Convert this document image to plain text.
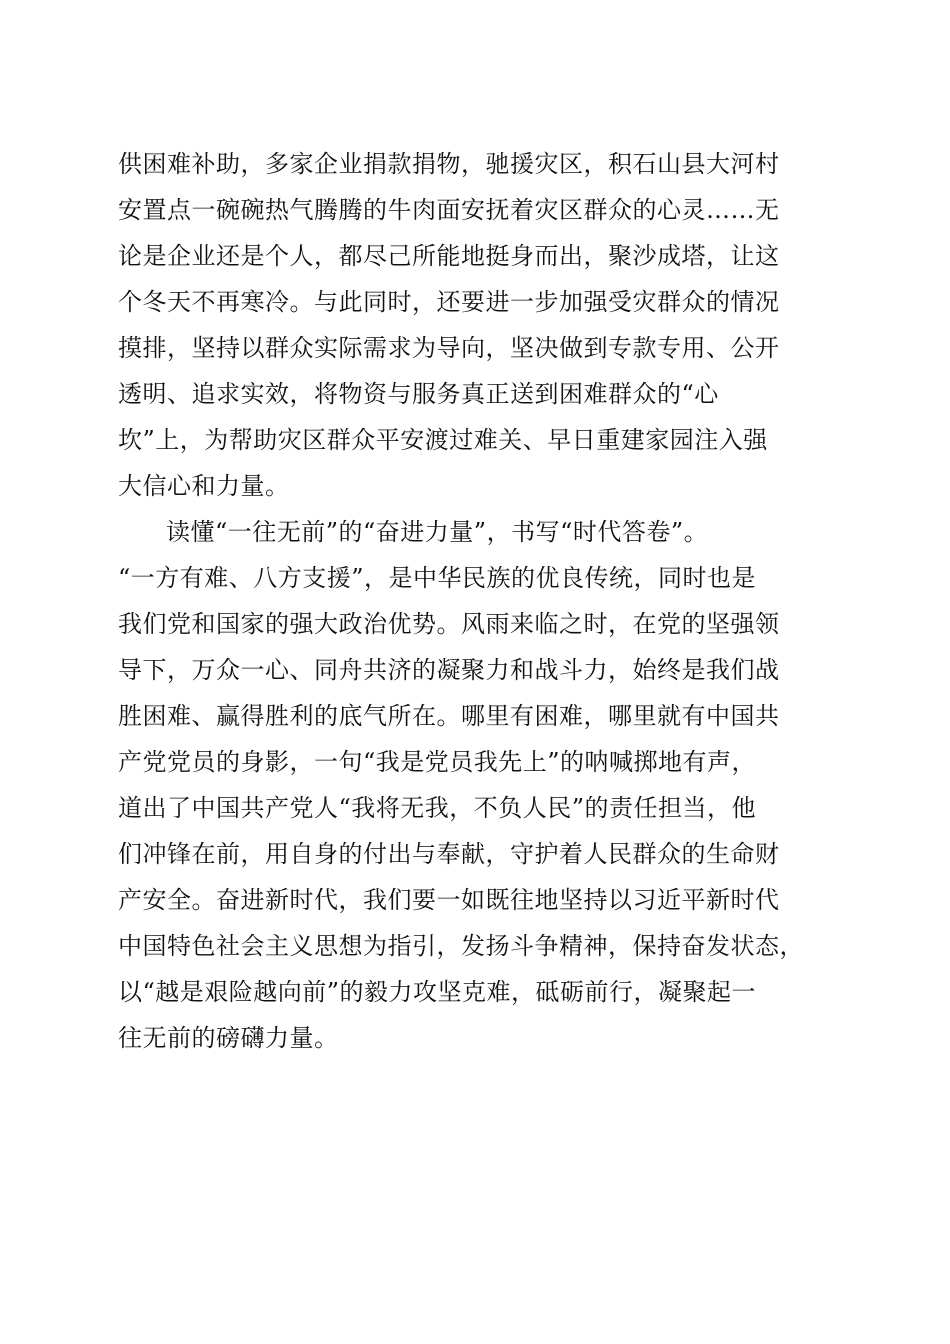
供困难补助，多家企业捐款捐物，驰援灾区，积石山县大河村
安置点一碗碗热气腾腾的牛肉面安抚着灾区群众的心灵……无
论是企业还是个人，都尽己所能地挺身而出，聚沙成塔，让这
个冬天不再寒冷。与此同时，还要进一步加强受灾群众的情况
摸排，坚持以群众实际需求为导向，坚决做到专款专用、公开
透明、追求实效，将物资与服务真正送到困难群众的“心
坎”上，为帮助灾区群众平安渡过难关、早日重建家园注入强
大信心和力量。
读懂“一往无前”的“奋进力量”，书写“时代答卷”。
“一方有难、八方支援”，是中华民族的优良传统，同时也是
我们党和国家的强大政治优势。风雨来临之时，在党的坚强领
导下，万众一心、同舟共济的凝聚力和战斗力，始终是我们战
胜困难、赢得胜利的底气所在。哪里有困难，哪里就有中国共
产党党员的身影，一句“我是党员我先上”的呐喊掷地有声，
道出了中国共产党人“我将无我，不负人民”的责任担当，他
们冲锋在前，用自身的付出与奉献，守护着人民群众的生命财
产安全。奋进新时代，我们要一如既往地坚持以习近平新时代
中国特色社会主义思想为指引，发扬斗争精神，保持奋发状态，
以“越是艰险越向前”的毅力攻坚克难，砥砺前行，凝聚起一
往无前的磅礴力量。
